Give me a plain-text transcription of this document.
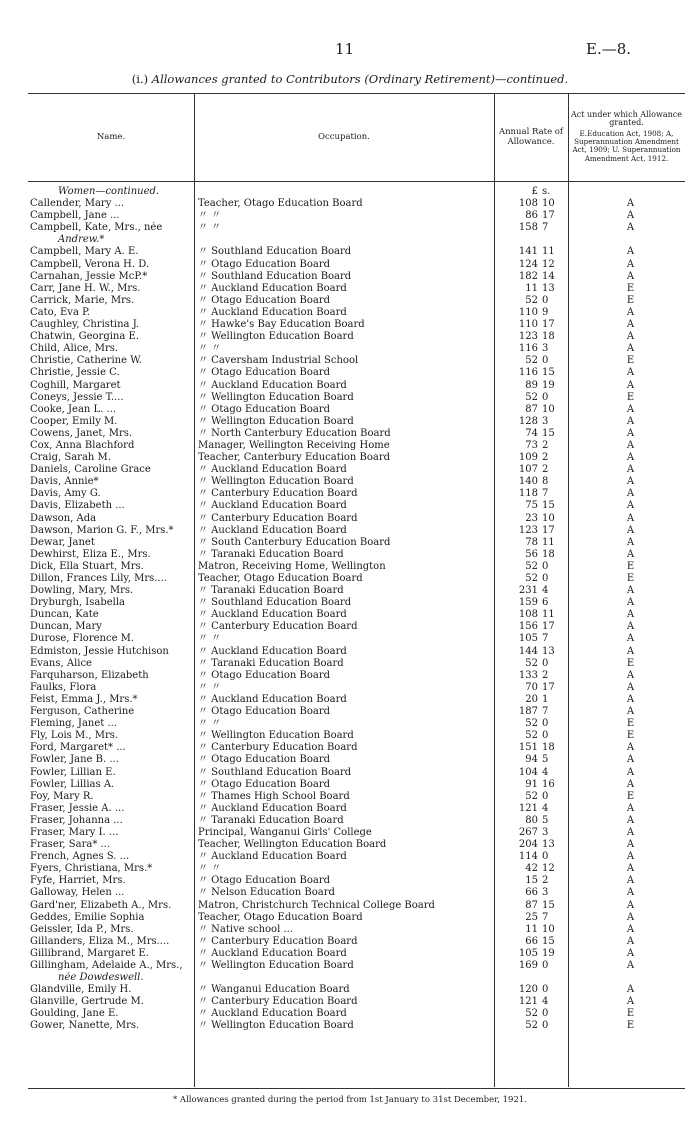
11	E.—8.
(i.) Allowances granted to Contributors (Ordinary Retirement)—continued.
Name.	Occupation.	Annual Rate of Allowance.
Act under which Allowance granted.
E.Education Act, 1908; A, Superannuation Amendment Act, 1909; U. Superannuation Amendment Act, 1912.
Women—continued.	£ s.
Callender, Mary ...	Teacher, Otago Education Board	108 10	A
Campbell, Jane ...	〃 〃	86 17	A
Campbell, Kate, Mrs., née	〃 〃	158 7	A
Andrew.*
Campbell, Mary A. E.	〃 Southland Education Board	141 11	A
Campbell, Verona H. D.	〃 Otago Education Board	124 12	A
Carnahan, Jessie McP.*	〃 Southland Education Board	182 14	A
Carr, Jane H. W., Mrs.	〃 Auckland Education Board	11 13	E
Carrick, Marie, Mrs.	〃 Otago Education Board	52 0	E
Cato, Eva P.	〃 Auckland Education Board	110 9	A
Caughley, Christina J.	〃 Hawke's Bay Education Board	110 17	A
Chatwin, Georgina E.	〃 Wellington Education Board	123 18	A
Child, Alice, Mrs.	〃 〃	116 3	A
Christie, Catherine W.	〃 Caversham Industrial School	52 0	E
Christie, Jessie C.	〃 Otago Education Board	116 15	A
Coghill, Margaret	〃 Auckland Education Board	89 19	A
Coneys, Jessie T....	〃 Wellington Education Board	52 0	E
Cooke, Jean L. ...	〃 Otago Education Board	87 10	A
Cooper, Emily M.	〃 Wellington Education Board	128 3	A
Cowens, Janet, Mrs.	〃 North Canterbury Education Board	74 15	A
Cox, Anna Blachford	Manager, Wellington Receiving Home	73 2	A
Craig, Sarah M.	Teacher, Canterbury Education Board	109 2	A
Daniels, Caroline Grace	〃 Auckland Education Board	107 2	A
Davis, Annie*	〃 Wellington Education Board	140 8	A
Davis, Amy G.	〃 Canterbury Education Board	118 7	A
Davis, Elizabeth ...	〃 Auckland Education Board	75 15	A
Dawson, Ada	〃 Canterbury Education Board	23 10	A
Dawson, Marion G. F., Mrs.*	〃 Auckland Education Board	123 17	A
Dewar, Janet	〃 South Canterbury Education Board	78 11	A
Dewhirst, Eliza E., Mrs.	〃 Taranaki Education Board	56 18	A
Dick, Ella Stuart, Mrs.	Matron, Receiving Home, Wellington	52 0	E
Dillon, Frances Lily, Mrs....	Teacher, Otago Education Board	52 0	E
Dowling, Mary, Mrs.	〃 Taranaki Education Board	231 4	A
Dryburgh, Isabella	〃 Southland Education Board	159 6	A
Duncan, Kate	〃 Auckland Education Board	108 11	A
Duncan, Mary	〃 Canterbury Education Board	156 17	A
Durose, Florence M.	〃 〃	105 7	A
Edmiston, Jessie Hutchison	〃 Auckland Education Board	144 13	A
Evans, Alice	〃 Taranaki Education Board	52 0	E
Farquharson, Elizabeth	〃 Otago Education Board	133 2	A
Faulks, Flora	〃 〃	70 17	A
Feist, Emma J., Mrs.*	〃 Auckland Education Board	20 1	A
Ferguson, Catherine	〃 Otago Education Board	187 7	A
Fleming, Janet ...	〃 〃	52 0	E
Fly, Lois M., Mrs.	〃 Wellington Education Board	52 0	E
Ford, Margaret* ...	〃 Canterbury Education Board	151 18	A
Fowler, Jane B. ...	〃 Otago Education Board	94 5	A
Fowler, Lillian E.	〃 Southland Education Board	104 4	A
Fowler, Lillias A.	〃 Otago Education Board	91 16	A
Foy, Mary R.	〃 Thames High School Board	52 0	E
Fraser, Jessie A. ...	〃 Auckland Education Board	121 4	A
Fraser, Johanna ...	〃 Taranaki Education Board	80 5	A
Fraser, Mary I. ...	Principal, Wanganui Girls' College	267 3	A
Fraser, Sara* ...	Teacher, Wellington Education Board	204 13	A
French, Agnes S. ...	〃 Auckland Education Board	114 0	A
Fyers, Christiana, Mrs.*	〃 〃	42 12	A
Fyfe, Harriet, Mrs.	〃 Otago Education Board	15 2	A
Galloway, Helen ...	〃 Nelson Education Board	66 3	A
Gard'ner, Elizabeth A., Mrs.	Matron, Christchurch Technical College Board	87 15	A
Geddes, Emilie Sophia	Teacher, Otago Education Board	25 7	A
Geissler, Ida P., Mrs.	〃 Native school ...	11 10	A
Gillanders, Eliza M., Mrs....	〃 Canterbury Education Board	66 15	A
Gillibrand, Margaret E.	〃 Auckland Education Board	105 19	A
Gillingham, Adelaide A., Mrs.,	〃 Wellington Education Board	169 0	A
née Dowdeswell.
Glandville, Emily H.	〃 Wanganui Education Board	120 0	A
Glanville, Gertrude M.	〃 Canterbury Education Board	121 4	A
Goulding, Jane E.	〃 Auckland Education Board	52 0	E
Gower, Nanette, Mrs.	〃 Wellington Education Board	52 0	E
* Allowances granted during the period from 1st January to 31st December, 1921.
